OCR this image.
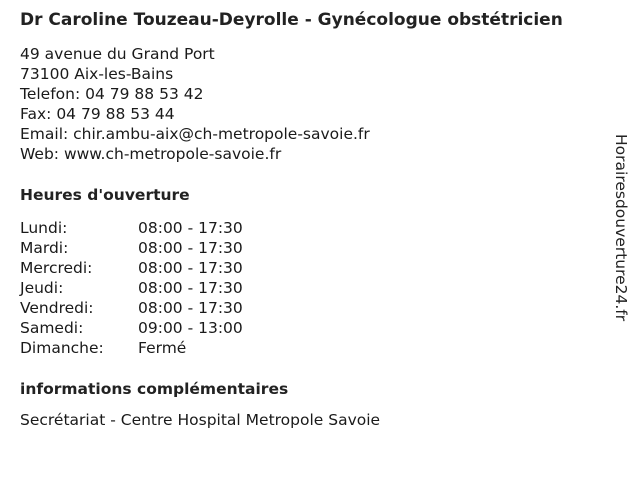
Dr Caroline Touzeau-Deyrolle - Gynécologue obstétricien
49 avenue du Grand Port
73100 Aix-les-Bains
Telefon: 04 79 88 53 42
Fax: 04 79 88 53 44
Email: chir.ambu-aix@ch-metropole-savoie.fr
Web: www.ch-metropole-savoie.fr
Heures d'ouverture
Lundi:	08:00 - 17:30
Mardi:	08:00 - 17:30
Mercredi:	08:00 - 17:30
Jeudi:	08:00 - 17:30
Vendredi:	08:00 - 17:30
Samedi:	09:00 - 13:00
Dimanche:	Fermé
informations complémentaires
Secrétariat - Centre Hospital Metropole Savoie
Horairesdouverture24.fr
